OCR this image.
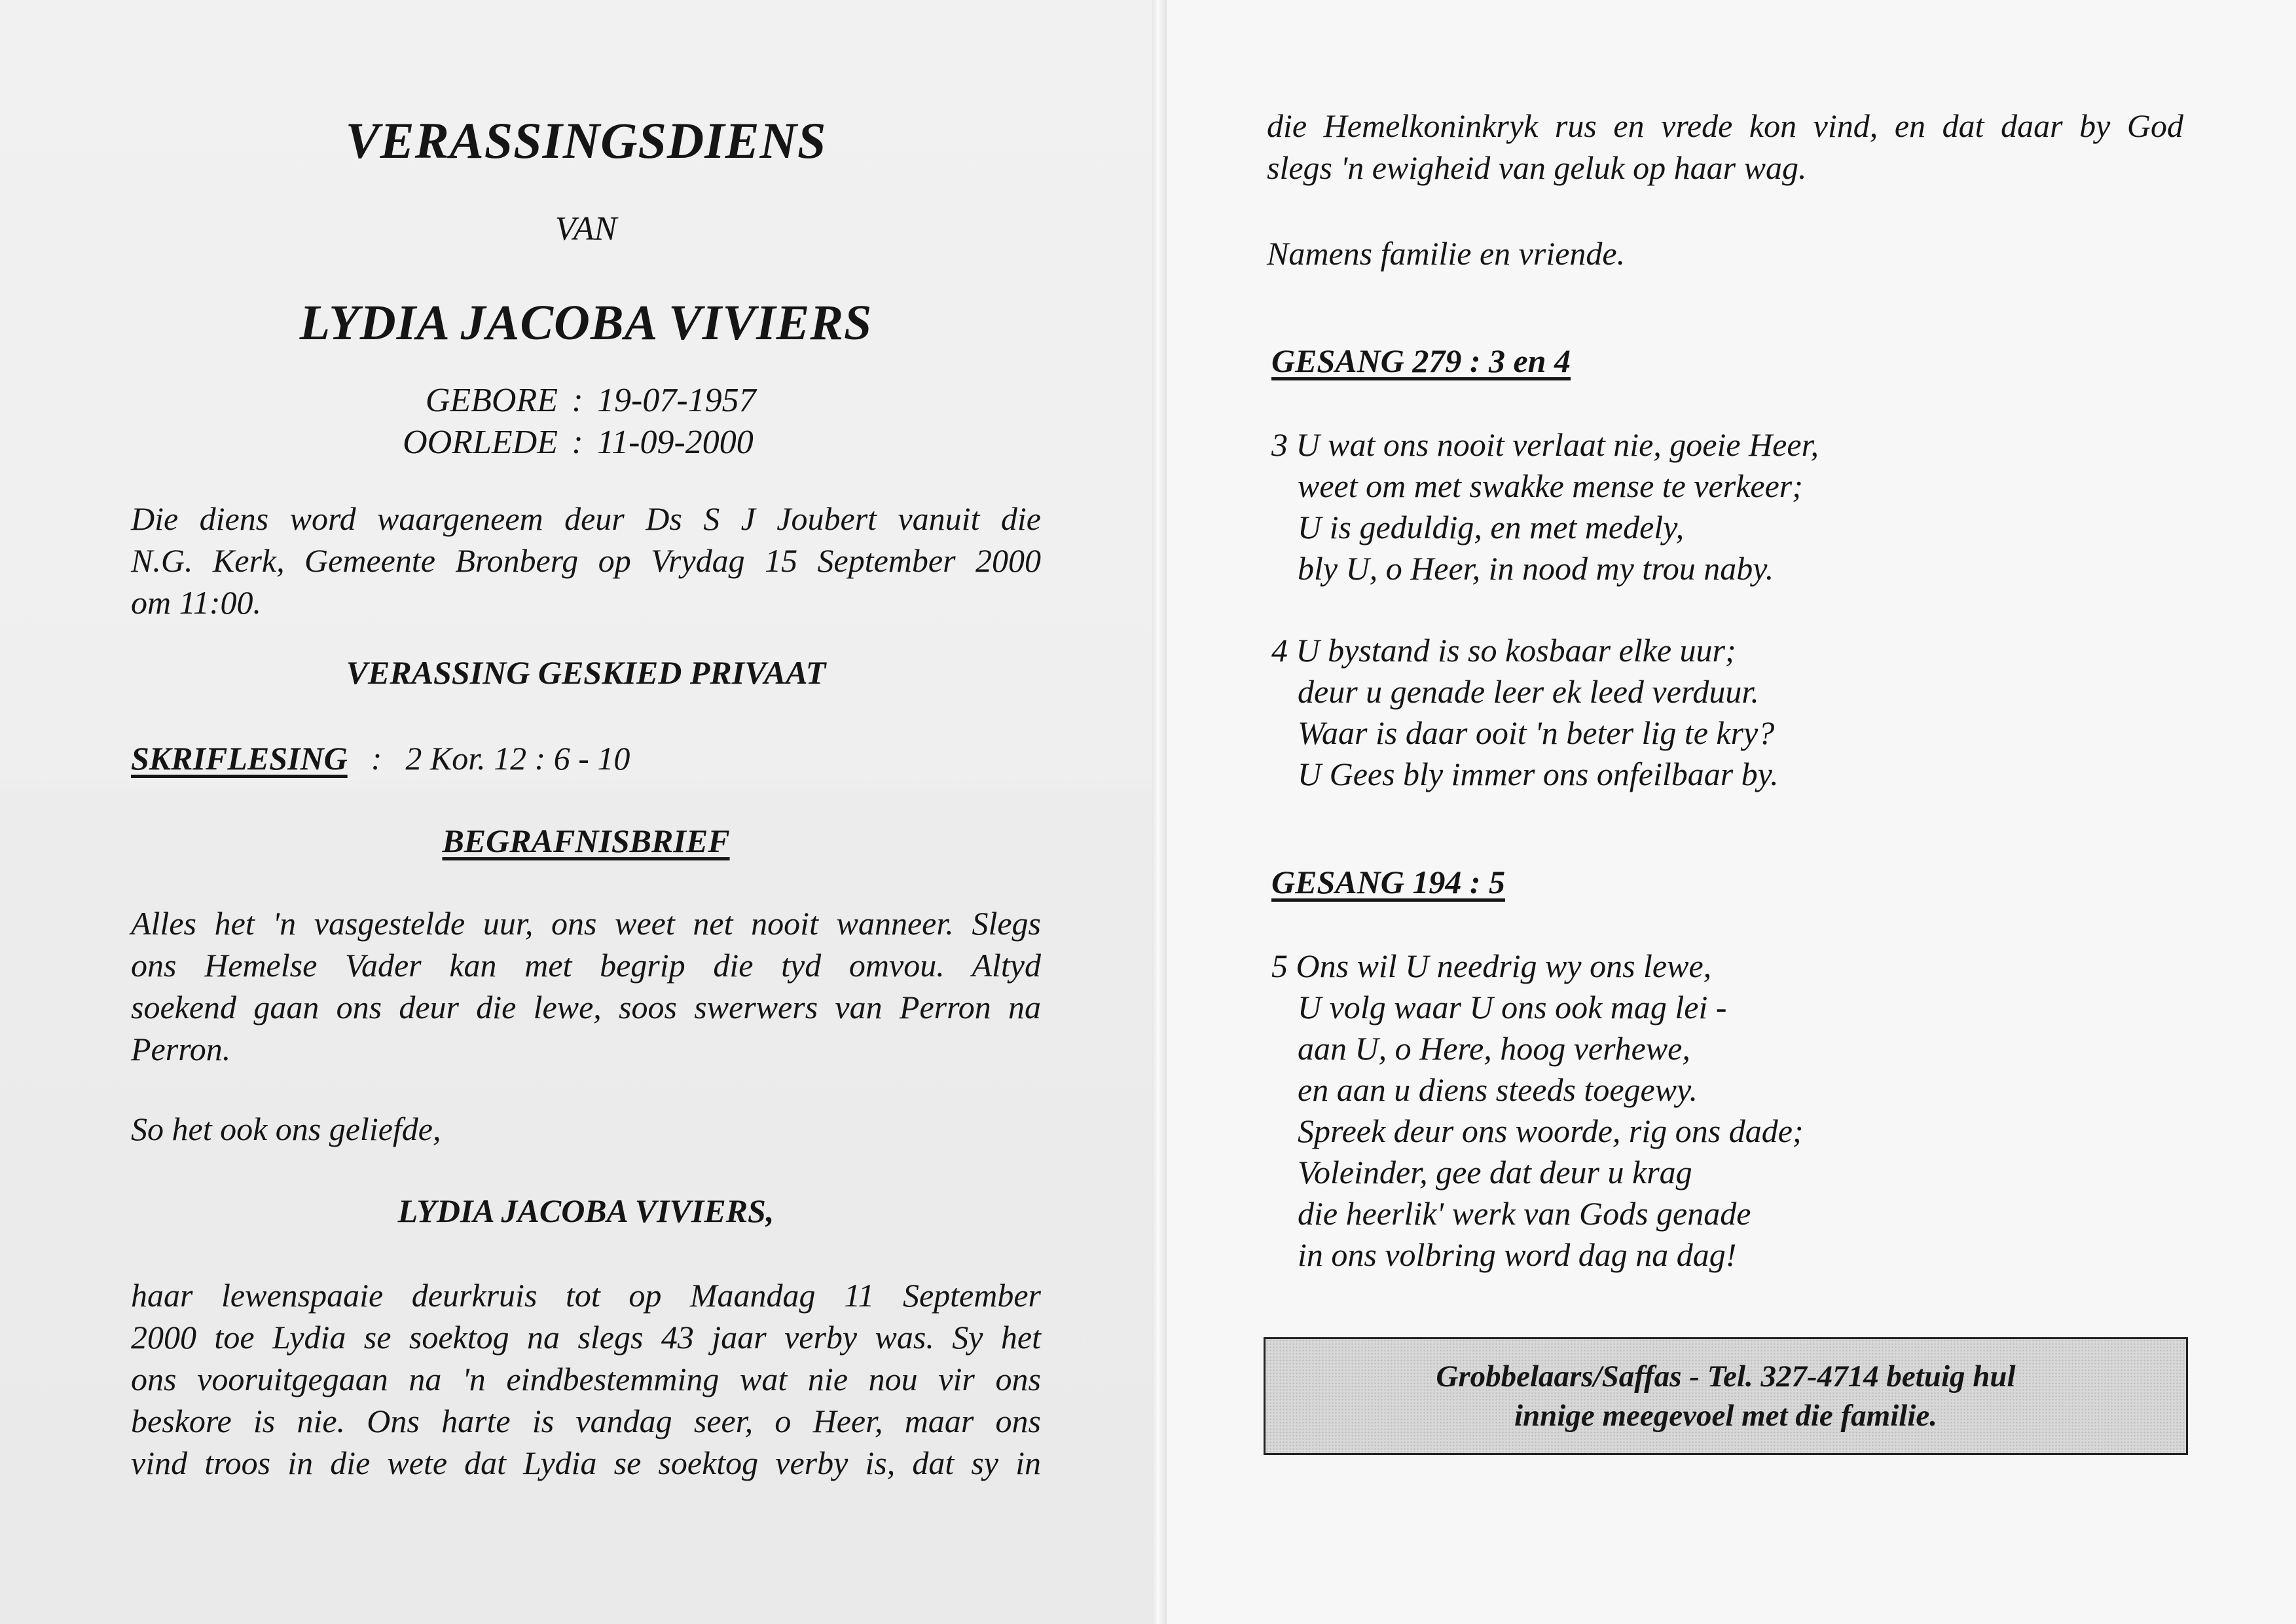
VERASSINGSDIENS
VAN
LYDIA JACOBA VIVIERS
GEBORE : 19-07-1957
OORLEDE : 11-09-2000
Die diens word waargeneem deur Ds S J Joubert vanuit die
N.G. Kerk, Gemeente Bronberg op Vrydag 15 September 2000
om 11:00.
VERASSING GESKIED PRIVAAT
SKRIFLESING : 2 Kor. 12 : 6 - 10
BEGRAFNISBRIEF
Alles het 'n vasgestelde uur, ons weet net nooit wanneer. Slegs
ons Hemelse Vader kan met begrip die tyd omvou. Altyd
soekend gaan ons deur die lewe, soos swerwers van Perron na
Perron.
So het ook ons geliefde,
LYDIA JACOBA VIVIERS,
haar lewenspaaie deurkruis tot op Maandag 11 September
2000 toe Lydia se soektog na slegs 43 jaar verby was. Sy het
ons vooruitgegaan na 'n eindbestemming wat nie nou vir ons
beskore is nie. Ons harte is vandag seer, o Heer, maar ons
vind troos in die wete dat Lydia se soektog verby is, dat sy in
die Hemelkoninkryk rus en vrede kon vind, en dat daar by God
slegs 'n ewigheid van geluk op haar wag.
Namens familie en vriende.
GESANG 279 : 3 en 4
3 U wat ons nooit verlaat nie, goeie Heer,
weet om met swakke mense te verkeer;
U is geduldig, en met medely,
bly U, o Heer, in nood my trou naby.
4 U bystand is so kosbaar elke uur;
deur u genade leer ek leed verduur.
Waar is daar ooit 'n beter lig te kry?
U Gees bly immer ons onfeilbaar by.
GESANG 194 : 5
5 Ons wil U needrig wy ons lewe,
U volg waar U ons ook mag lei -
aan U, o Here, hoog verhewe,
en aan u diens steeds toegewy.
Spreek deur ons woorde, rig ons dade;
Voleinder, gee dat deur u krag
die heerlik' werk van Gods genade
in ons volbring word dag na dag!
Grobbelaars/Saffas - Tel. 327-4714 betuig hul
innige meegevoel met die familie.
